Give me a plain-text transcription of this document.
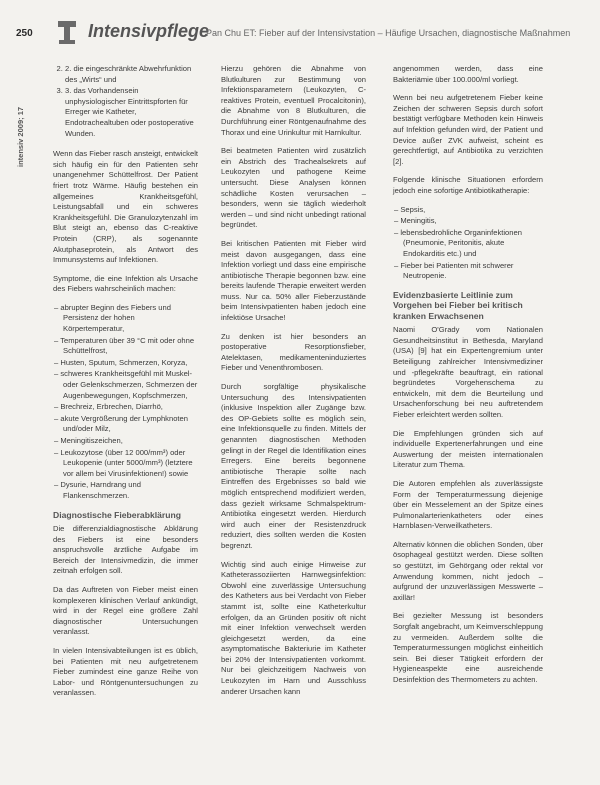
250	Intensivpflege
Pan Chu ET: Fieber auf der Intensivstation – Häufige Ursachen, diagnostische Maßnahmen
intensiv 2009; 17
2. 2. die eingeschränkte Abwehrfunktion des „Wirts“ und
3. 3. das Vorhandensein unphysiologischer Eintrittspforten für Erreger wie Katheter, Endotrachealtuben oder postoperative Wunden.

Wenn das Fieber rasch ansteigt, entwickelt sich häufig ein für den Patienten sehr unangenehmer Schüttelfrost. Der Patient friert trotz Wärme. Häufig bestehen ein allgemeines Krankheitsgefühl, Leistungsabfall und ein schweres Krankheitsgefühl. Die Granulozytenzahl im Blut steigt an, ebenso das C-reaktive Protein (CRP), als sogenannte Akutphaseprotein, als Antwort des Immunsystems auf Infektionen.

Symptome, die eine Infektion als Ursache des Fiebers wahrscheinlich machen:

– abrupter Beginn des Fiebers und Persistenz der hohen Körpertemperatur,
– Temperaturen über 39 °C mit oder ohne Schüttelfrost,
– Husten, Sputum, Schmerzen, Koryza,
– schweres Krankheitsgefühl mit Muskel- oder Gelenkschmerzen, Schmerzen der Augenbewegungen, Kopfschmerzen,
– Brechreiz, Erbrechen, Diarrhö,
– akute Vergrößerung der Lymphknoten und/oder Milz,
– Meningitiszeichen,
– Leukozytose (über 12 000/mm³) oder Leukopenie (unter 5000/mm³) (letztere vor allem bei Virusinfektionen!) sowie
– Dysurie, Harndrang und Flankenschmerzen.
Diagnostische Fieberabklärung

Die differenzialdiagnostische Abklärung des Fiebers ist eine besonders anspruchsvolle ärztliche Aufgabe im Bereich der Intensivmedizin, die immer zeitnah erfolgen soll.

Da das Auftreten von Fieber meist einen komplexeren klinischen Verlauf ankündigt, wird in der Regel eine größere Zahl diagnostischer Untersuchungen veranlasst.

In vielen Intensivabteilungen ist es üblich, bei Patienten mit neu aufgetretenem Fieber zumindest eine ganze Reihe von Labor- und Röntgenuntersuchungen zu veranlassen.

Hierzu gehören die Abnahme von Blutkulturen zur Bestimmung von Infektionsparametern (Leukozyten, C-reaktives Protein, eventuell Procalcitonin), die Abnahme von 8 Blutkulturen, die Durchführung einer Röntgenaufnahme des Thorax und eine Urinkultur mit Harnkultur.

Bei beatmeten Patienten wird zusätzlich ein Abstrich des Trachealsekrets auf Leukozyten und pathogene Keime untersucht. Diese Analysen können schädliche Kosten verursachen – besonders, wenn sie täglich wiederholt werden – und sind nicht unbedingt rational begründet.

Bei kritischen Patienten mit Fieber wird meist davon ausgegangen, dass eine Infektion vorliegt und dass eine empirische antibiotische Therapie begonnen bzw. eine bereits laufende Therapie erweitert werden muss. Nur ca. 50% aller Fieberzustände beim Intensivpatienten haben jedoch eine infektiöse Ursache!

Zu denken ist hier besonders an postoperative Resorptionsfieber, Atelektasen, medikamenteninduziertes Fieber und Venenthrombosen.

Durch sorgfältige physikalische Untersuchung des Intensivpatienten (inklusive Inspektion aller Zugänge bzw. des OP-Gebiets sollte es möglich sein, eine Infektionsquelle zu finden. Mittels der genannten diagnostischen Methoden gelingt in der Regel die Identifikation eines Erregers. Eine bereits begonnene antibiotische Therapie sollte nach Eintreffen des Ergebnisses so bald wie möglich entsprechend modifiziert werden, dass gezielt wirksame Schmalspektrum-Antibiotika eingesetzt werden. Hierdurch wird auch einer der Resistenzdruck reduziert, dies sollten werden die Kosten begrenzt.

Wichtig sind auch einige Hinweise zur Katheterassoziierten Harnwegsinfektion: Obwohl eine zuverlässige Untersuchung des Katheters aus bei Verdacht von Fieber stammt ist, sollte eine Katheterkultur erfolgen, da an Gründen positiv oft nicht mit einer Infektion verwechselt werden gleichgesetzt werden, da eine asymptomatische Bakteriurie im Katheter bei 20% der Intensivpatienten vorkommt. Nur bei gleichzeitigem Nachweis von Leukozyten im Harn und Ausschluss anderer Ursachen kann

angenommen werden, dass eine Bakteriämie über 100.000/ml vorliegt.

Wenn bei neu aufgetretenem Fieber keine Zeichen der schweren Sepsis durch sofort bestätigt verfügbare Methoden kein Hinweis auf Infektion gefunden wird, der Patient und Device außer ZVK aufweist, scheint es gerechtfertigt, auf Antibiotika zu verzichten [2].

Folgende klinische Situationen erfordern jedoch eine sofortige Antibiotikatherapie:

– Sepsis,
– Meningitis,
– lebensbedrohliche Organinfektionen (Pneumonie, Peritonitis, akute Endokarditis etc.) und
– Fieber bei Patienten mit schwerer Neutropenie.
Evidenzbasierte Leitlinie zum Vorgehen bei Fieber bei kritisch kranken Erwachsenen

Naomi O'Grady vom Nationalen Gesundheitsinstitut in Bethesda, Maryland (USA) [9] hat ein Expertengremium unter Beteiligung zahlreicher Intensivmediziner und -pflegekräfte beauftragt, ein rational begründetes Vorgehenschema zu entwickeln, mit dem die Beurteilung und Ursachenforschung bei neu auftretendem Fieber erleichtert werden sollten.

Die Empfehlungen gründen sich auf individuelle Expertenerfahrungen und eine Auswertung der meisten internationalen Literatur zum Thema.

Die Autoren empfehlen als zuverlässigste Form der Temperaturmessung diejenige über ein Messelement an der Spitze eines Pulmonalarterienkatheters oder eines Harnblasen-Verweilkatheters.

Alternativ können die oblichen Sonden, über ösophageal gestützt werden. Diese sollten so gestützt, im Gehörgang oder rektal vor Anwendung kommen, nicht jedoch – aufgrund der unzuverlässigen Messwerte – axillär!

Bei gezielter Messung ist besonders Sorgfalt angebracht, um Keimverschleppung zu vermeiden. Außerdem sollte die Temperaturmessungen möglichst einheitlich sein. Bei dieser Tätigkeit erfordern der Hygieneaspekte eine ausreichende Desinfektion des Thermometers zu achten.
